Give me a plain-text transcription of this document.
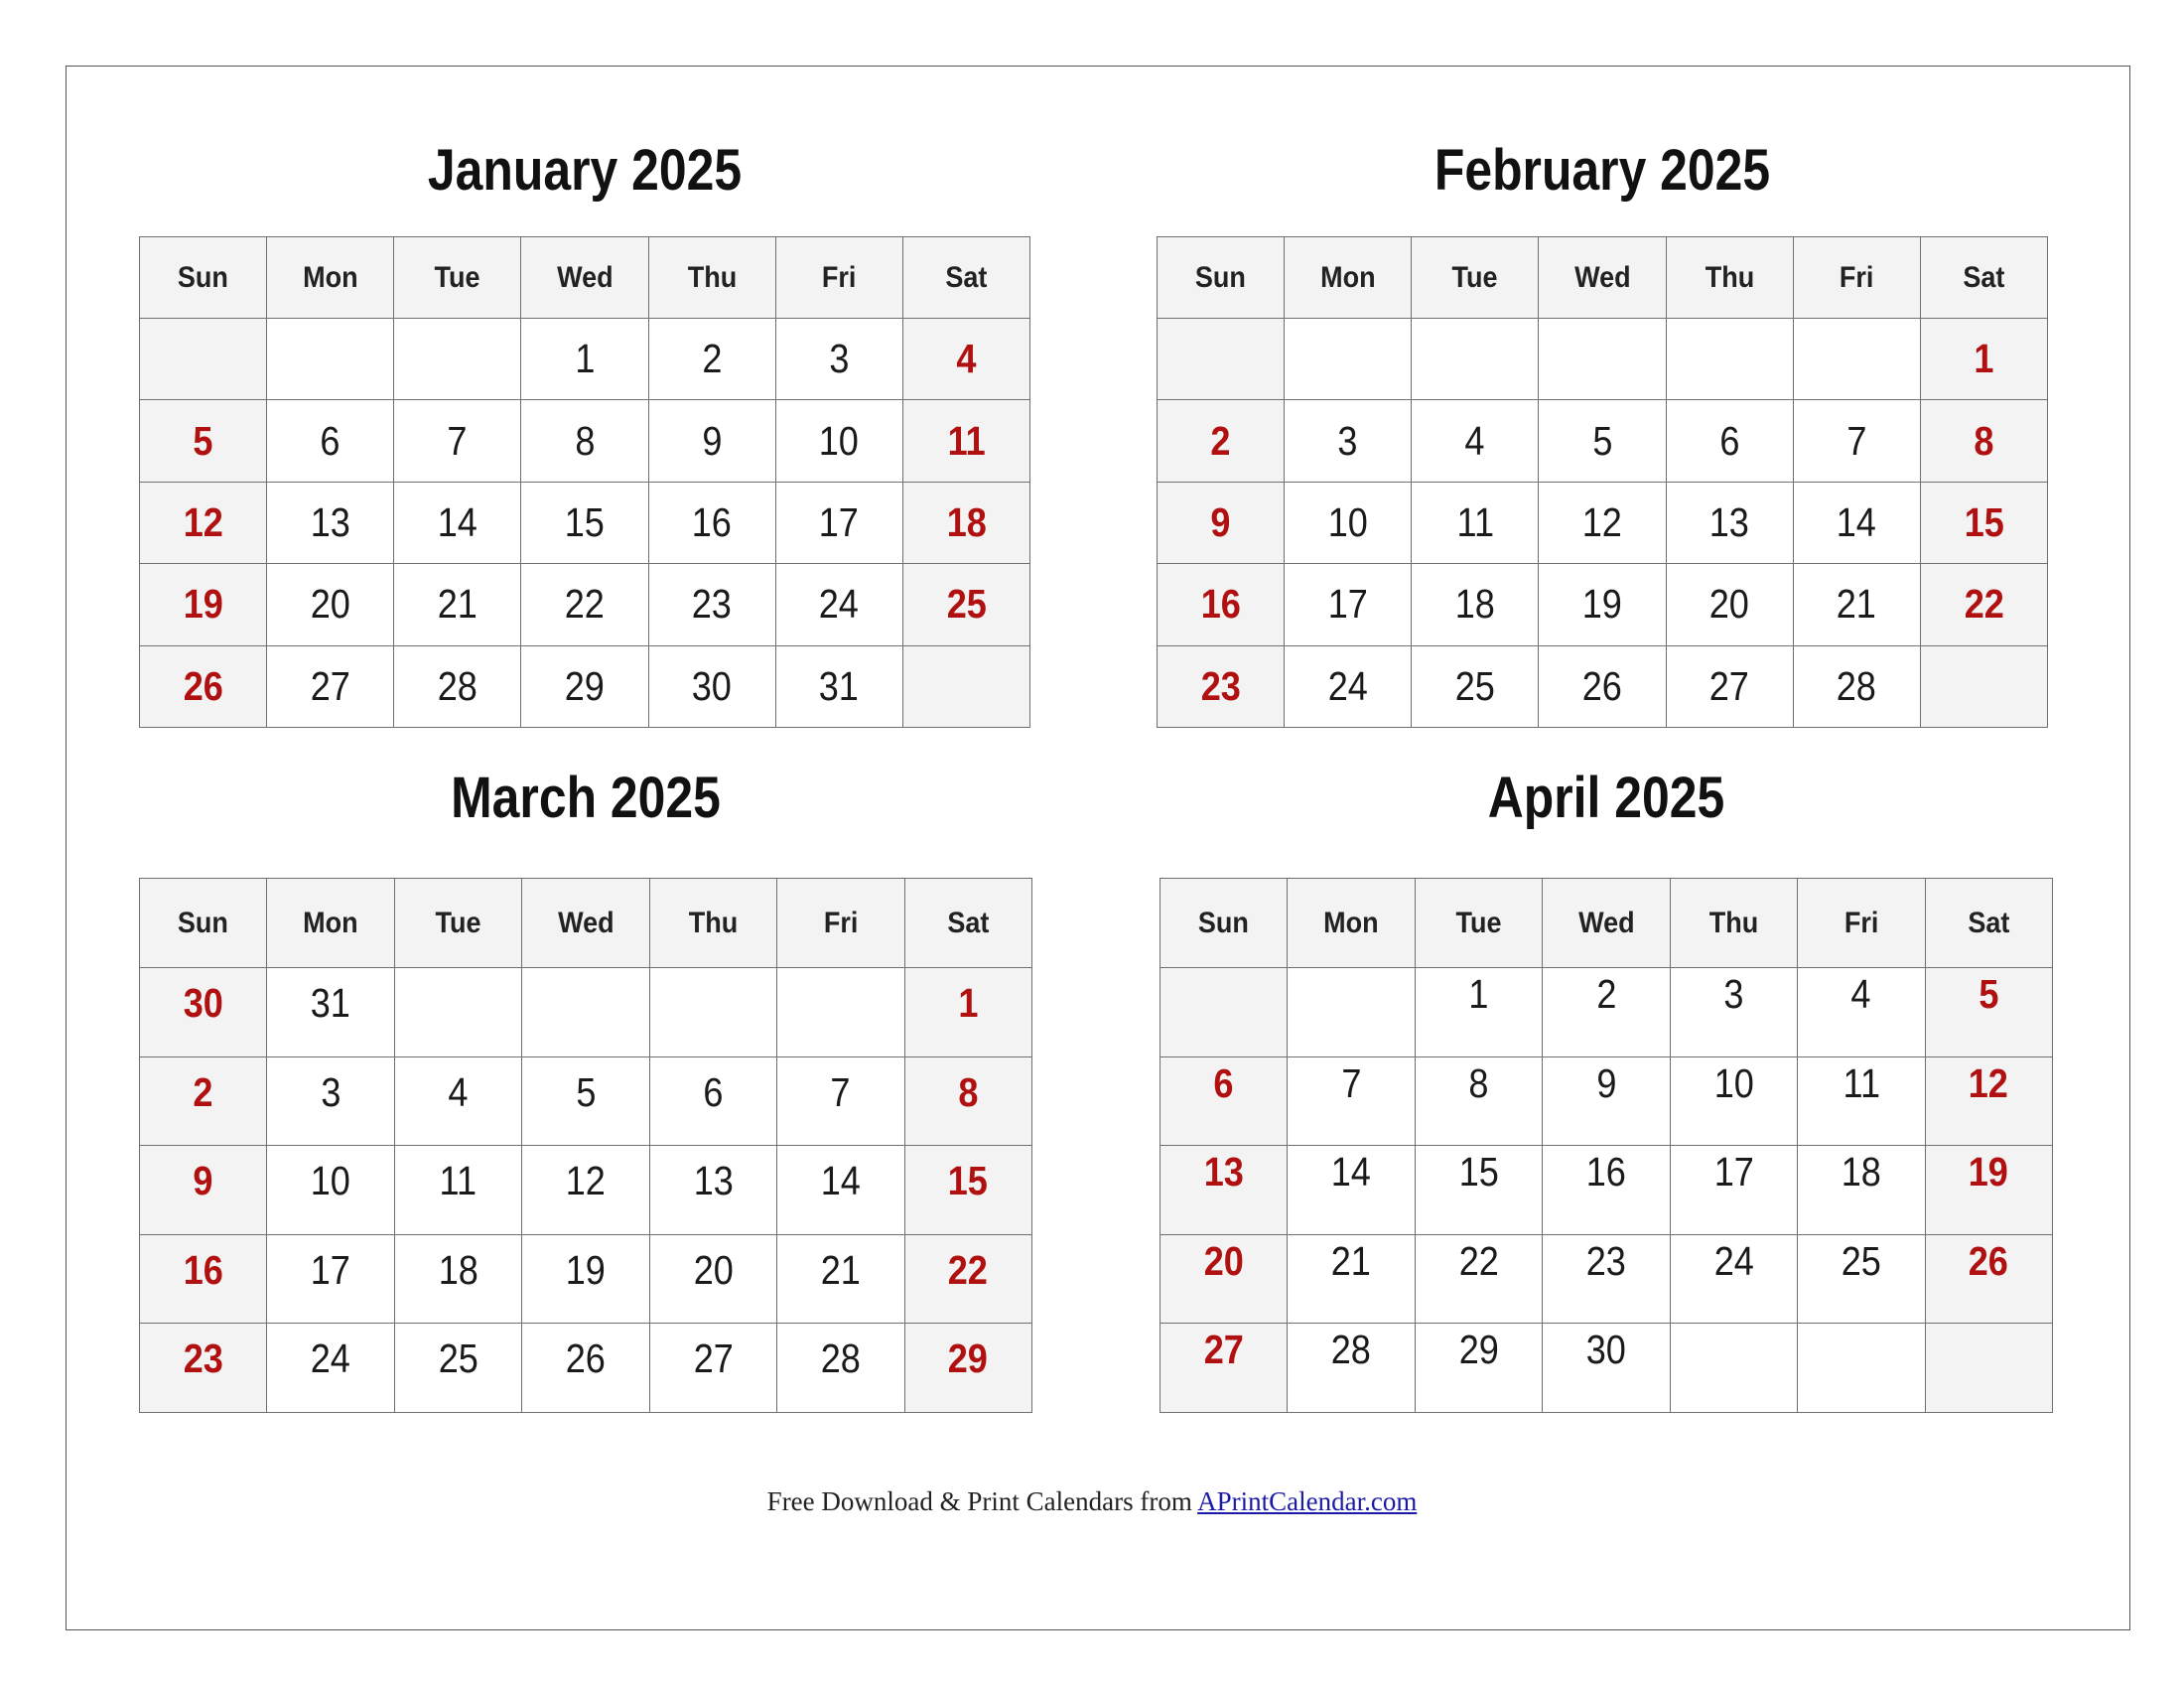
January 2025
Sun	Mon	Tue	Wed	Thu	Fri	Sat
			1	2	3	4
5	6	7	8	9	10	11
12	13	14	15	16	17	18
19	20	21	22	23	24	25
26	27	28	29	30	31	
February 2025
Sun	Mon	Tue	Wed	Thu	Fri	Sat
						1
2	3	4	5	6	7	8
9	10	11	12	13	14	15
16	17	18	19	20	21	22
23	24	25	26	27	28	
March 2025
Sun	Mon	Tue	Wed	Thu	Fri	Sat
30	31					1
2	3	4	5	6	7	8
9	10	11	12	13	14	15
16	17	18	19	20	21	22
23	24	25	26	27	28	29
April 2025
Sun	Mon	Tue	Wed	Thu	Fri	Sat
		1	2	3	4	5
6	7	8	9	10	11	12
13	14	15	16	17	18	19
20	21	22	23	24	25	26
27	28	29	30			
Free Download & Print Calendars from APrintCalendar.com
